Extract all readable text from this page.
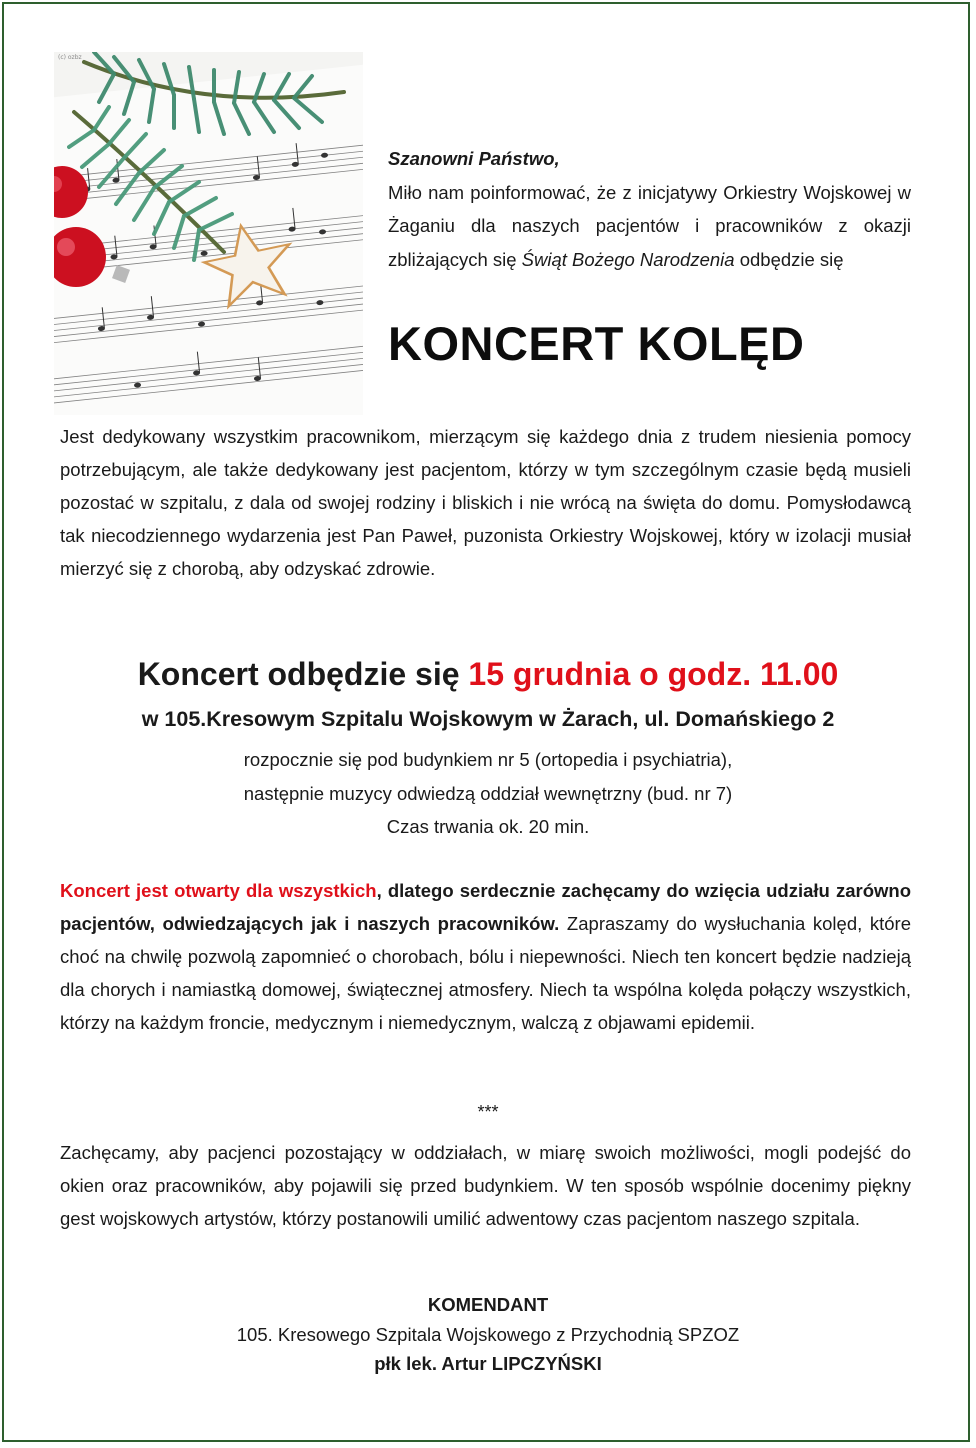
(c) ozbz
Szanowni Państwo,
Miło nam poinformować, że z inicjatywy Orkiestry Wojskowej w Żaganiu dla naszych pacjentów i pracowników z okazji zbliżających się Świąt Bożego Narodzenia odbędzie się
KONCERT KOLĘD
Jest dedykowany wszystkim pracownikom, mierzącym się każdego dnia z trudem niesienia pomocy potrzebującym, ale także dedykowany jest pacjentom, którzy w tym szczególnym czasie będą musieli pozostać w szpitalu, z dala od swojej rodziny i bliskich i nie wrócą na święta do domu. Pomysłodawcą tak niecodziennego wydarzenia jest Pan Paweł, puzonista Orkiestry Wojskowej, który w izolacji musiał mierzyć się z chorobą, aby odzyskać zdrowie.
Koncert odbędzie się 15 grudnia o godz. 11.00
w 105.Kresowym Szpitalu Wojskowym w Żarach, ul. Domańskiego 2
rozpocznie się pod budynkiem nr 5 (ortopedia i psychiatria),
następnie muzycy odwiedzą oddział wewnętrzny (bud. nr 7)
Czas trwania ok. 20 min.
Koncert jest otwarty dla wszystkich, dlatego serdecznie zachęcamy do wzięcia udziału zarówno pacjentów, odwiedzających jak i naszych pracowników. Zapraszamy do wysłuchania kolęd, które choć na chwilę pozwolą zapomnieć o chorobach, bólu i niepewności. Niech ten koncert będzie nadzieją dla chorych i namiastką domowej, świątecznej atmosfery. Niech ta wspólna kolęda połączy wszystkich, którzy na każdym froncie, medycznym i niemedycznym, walczą z objawami epidemii.
***
Zachęcamy, aby pacjenci pozostający w oddziałach, w miarę swoich możliwości, mogli podejść do okien oraz pracowników, aby pojawili się przed budynkiem. W ten sposób wspólnie docenimy piękny gest wojskowych artystów, którzy postanowili umilić adwentowy czas pacjentom naszego szpitala.
KOMENDANT
105. Kresowego Szpitala Wojskowego z Przychodnią SPZOZ
płk lek. Artur LIPCZYŃSKI
